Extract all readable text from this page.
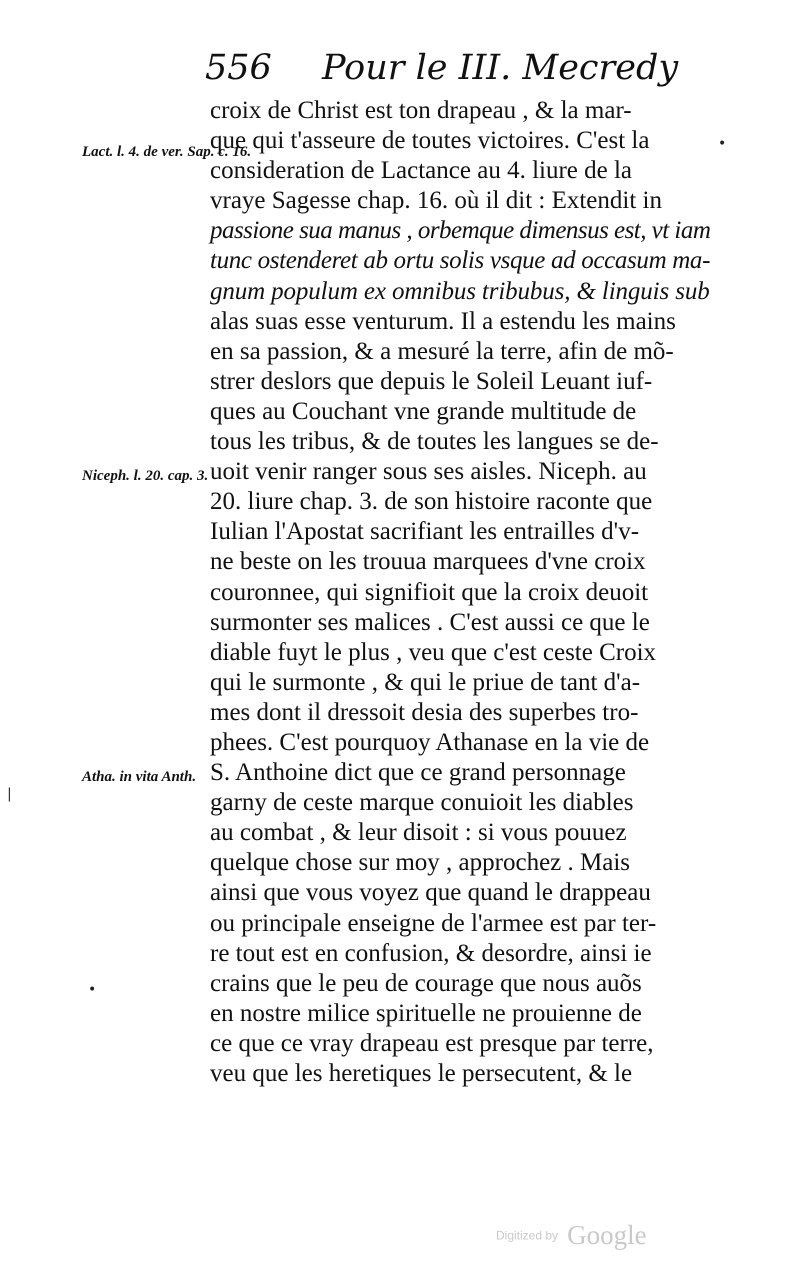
556 Pour le III. Mecredy
Lact. l. 4. de ver. Sap. c. 16.
Niceph. l. 20. cap. 3.
Atha. in vita Anth.
•
|
•
croix de Christ est ton drapeau , & la mar-
que qui t'asseure de toutes victoires. C'est la
consideration de Lactance au 4. liure de la
vraye Sagesse chap. 16. où il dit : Extendit in
passione sua manus , orbemque dimensus est, vt iam
tunc ostenderet ab ortu solis vsque ad occasum ma-
gnum populum ex omnibus tribubus, & linguis sub
alas suas esse venturum. Il a estendu les mains
en sa passion, & a mesuré la terre, afin de mõ-
strer deslors que depuis le Soleil Leuant iuf-
ques au Couchant vne grande multitude de
tous les tribus, & de toutes les langues se de-
uoit venir ranger sous ses aisles. Niceph. au
20. liure chap. 3. de son histoire raconte que
Iulian l'Apostat sacrifiant les entrailles d'v-
ne beste on les trouua marquees d'vne croix
couronnee, qui signifioit que la croix deuoit
surmonter ses malices . C'est aussi ce que le
diable fuyt le plus , veu que c'est ceste Croix
qui le surmonte , & qui le priue de tant d'a-
mes dont il dressoit desia des superbes tro-
phees. C'est pourquoy Athanase en la vie de
S. Anthoine dict que ce grand personnage
garny de ceste marque conuioit les diables
au combat , & leur disoit : si vous pouuez
quelque chose sur moy , approchez . Mais
ainsi que vous voyez que quand le drappeau
ou principale enseigne de l'armee est par ter-
re tout est en confusion, & desordre, ainsi ie
crains que le peu de courage que nous auõs
en nostre milice spirituelle ne prouienne de
ce que ce vray drapeau est presque par terre,
veu que les heretiques le persecutent, & le
Digitized by Google
